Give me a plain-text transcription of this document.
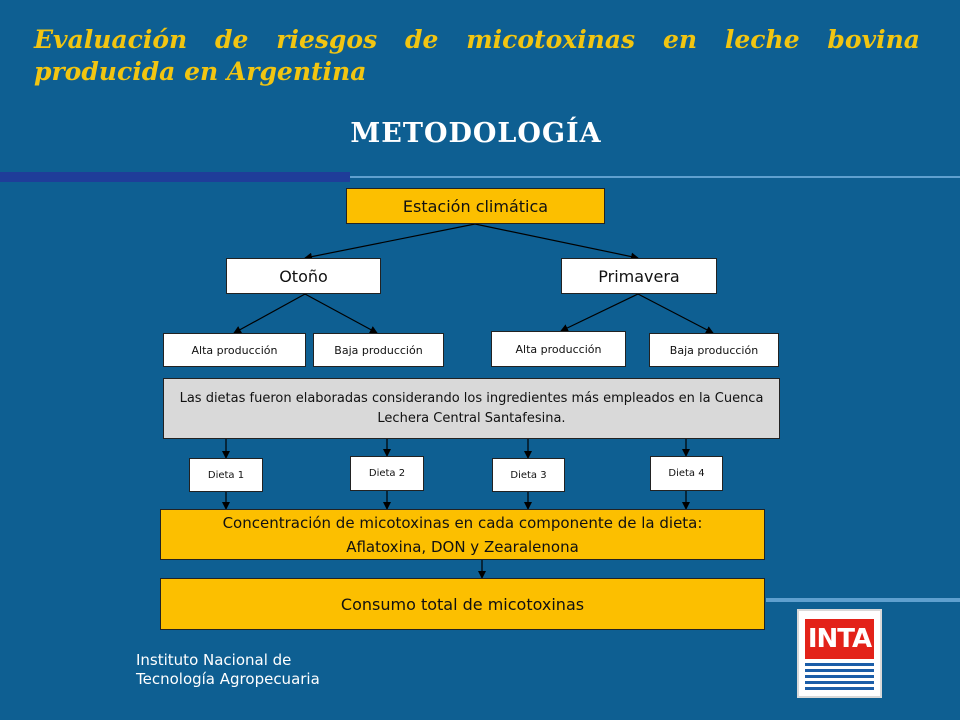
Evaluación de riesgos de micotoxinas en leche bovina producida en Argentina

METODOLOGÍA

Estación climática
Otoño	Primavera
Alta producción	Baja producción	Alta producción	Baja producción
Las dietas fueron elaboradas considerando los ingredientes más empleados en la Cuenca Lechera Central Santafesina.
Dieta 1	Dieta 2	Dieta 3	Dieta 4
Concentración de micotoxinas en cada componente de la dieta: Aflatoxina, DON y Zearalenona
Consumo total de micotoxinas
Instituto Nacional de
Tecnología Agropecuaria
INTA
